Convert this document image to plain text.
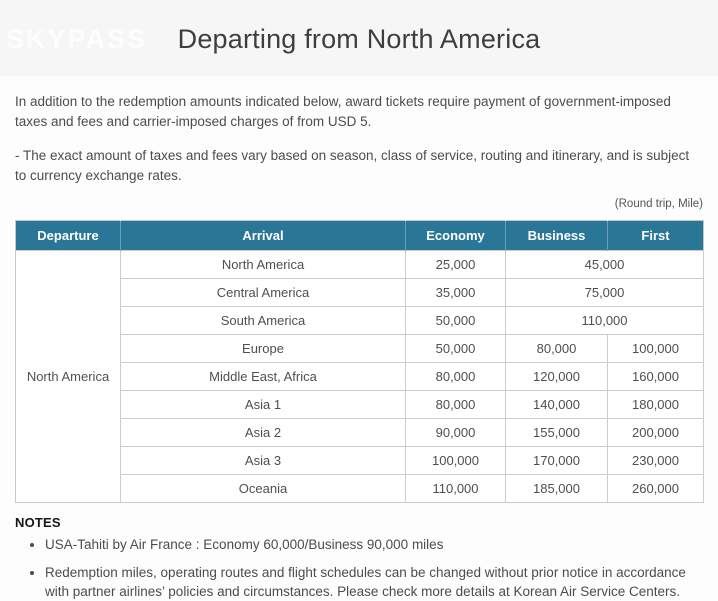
SKYPASS	Departing from North America

In addition to the redemption amounts indicated below, award tickets require payment of government-imposed taxes and fees and carrier-imposed charges of from USD 5.

- The exact amount of taxes and fees vary based on season, class of service, routing and itinerary, and is subject to currency exchange rates.

(Round trip, Mile)
Departure	Arrival	Economy	Business	First
North America	North America	25,000	45,000	
	Central America	35,000	75,000	
	South America	50,000	110,000	
	Europe	50,000	80,000	100,000
	Middle East, Africa	80,000	120,000	160,000
	Asia 1	80,000	140,000	180,000
	Asia 2	90,000	155,000	200,000
	Asia 3	100,000	170,000	230,000
	Oceania	110,000	185,000	260,000
NOTES
• USA-Tahiti by Air France : Economy 60,000/Business 90,000 miles
• Redemption miles, operating routes and flight schedules can be changed without prior notice in accordance with partner airlines’ policies and circumstances. Please check more details at Korean Air Service Centers.
